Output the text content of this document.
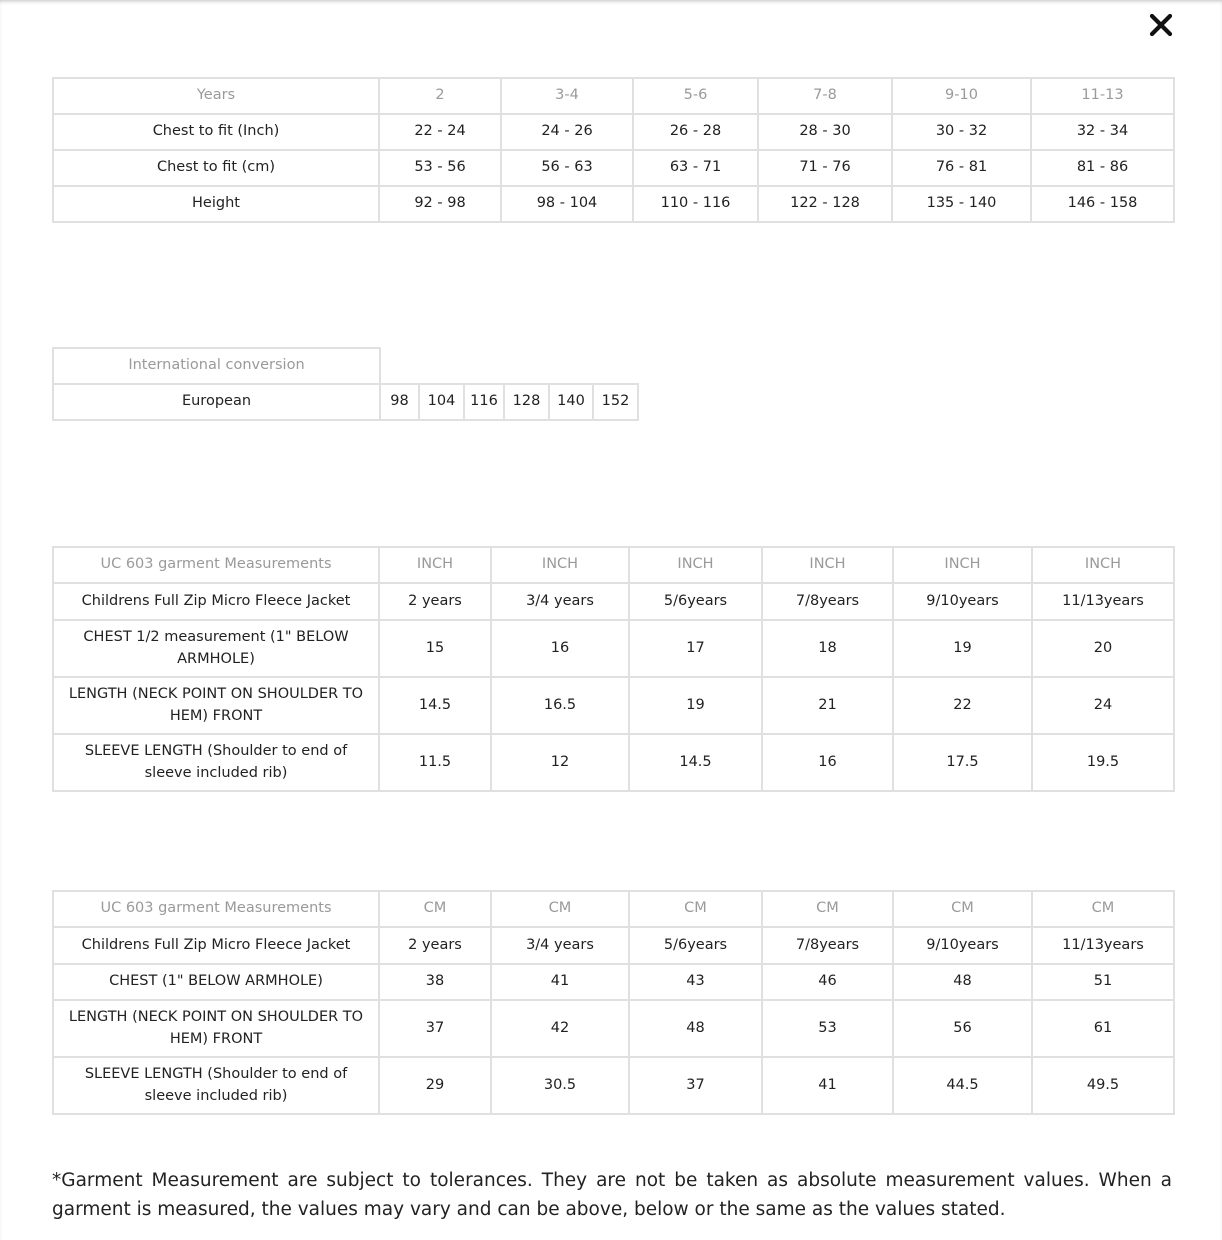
Years	2	3-4	5-6	7-8	9-10	11-13
Chest to fit (Inch)	22 - 24	24 - 26	26 - 28	28 - 30	30 - 32	32 - 34
Chest to fit (cm)	53 - 56	56 - 63	63 - 71	71 - 76	76 - 81	81 - 86
Height	92 - 98	98 - 104	110 - 116	122 - 128	135 - 140	146 - 158
International conversion						
European	98	104	116	128	140	152
UC 603 garment Measurements	INCH	INCH	INCH	INCH	INCH	INCH
Childrens Full Zip Micro Fleece Jacket	2 years	3/4 years	5/6years	7/8years	9/10years	11/13years
CHEST 1/2 measurement (1" BELOW ARMHOLE)	15	16	17	18	19	20
LENGTH (NECK POINT ON SHOULDER TO HEM) FRONT	14.5	16.5	19	21	22	24
SLEEVE LENGTH (Shoulder to end of sleeve included rib)	11.5	12	14.5	16	17.5	19.5
UC 603 garment Measurements	CM	CM	CM	CM	CM	CM
Childrens Full Zip Micro Fleece Jacket	2 years	3/4 years	5/6years	7/8years	9/10years	11/13years
CHEST (1" BELOW ARMHOLE)	38	41	43	46	48	51
LENGTH (NECK POINT ON SHOULDER TO HEM) FRONT	37	42	48	53	56	61
SLEEVE LENGTH (Shoulder to end of sleeve included rib)	29	30.5	37	41	44.5	49.5

*Garment Measurement are subject to tolerances. They are not be taken as absolute measurement values. When a garment is measured, the values may vary and can be above, below or the same as the values stated.
